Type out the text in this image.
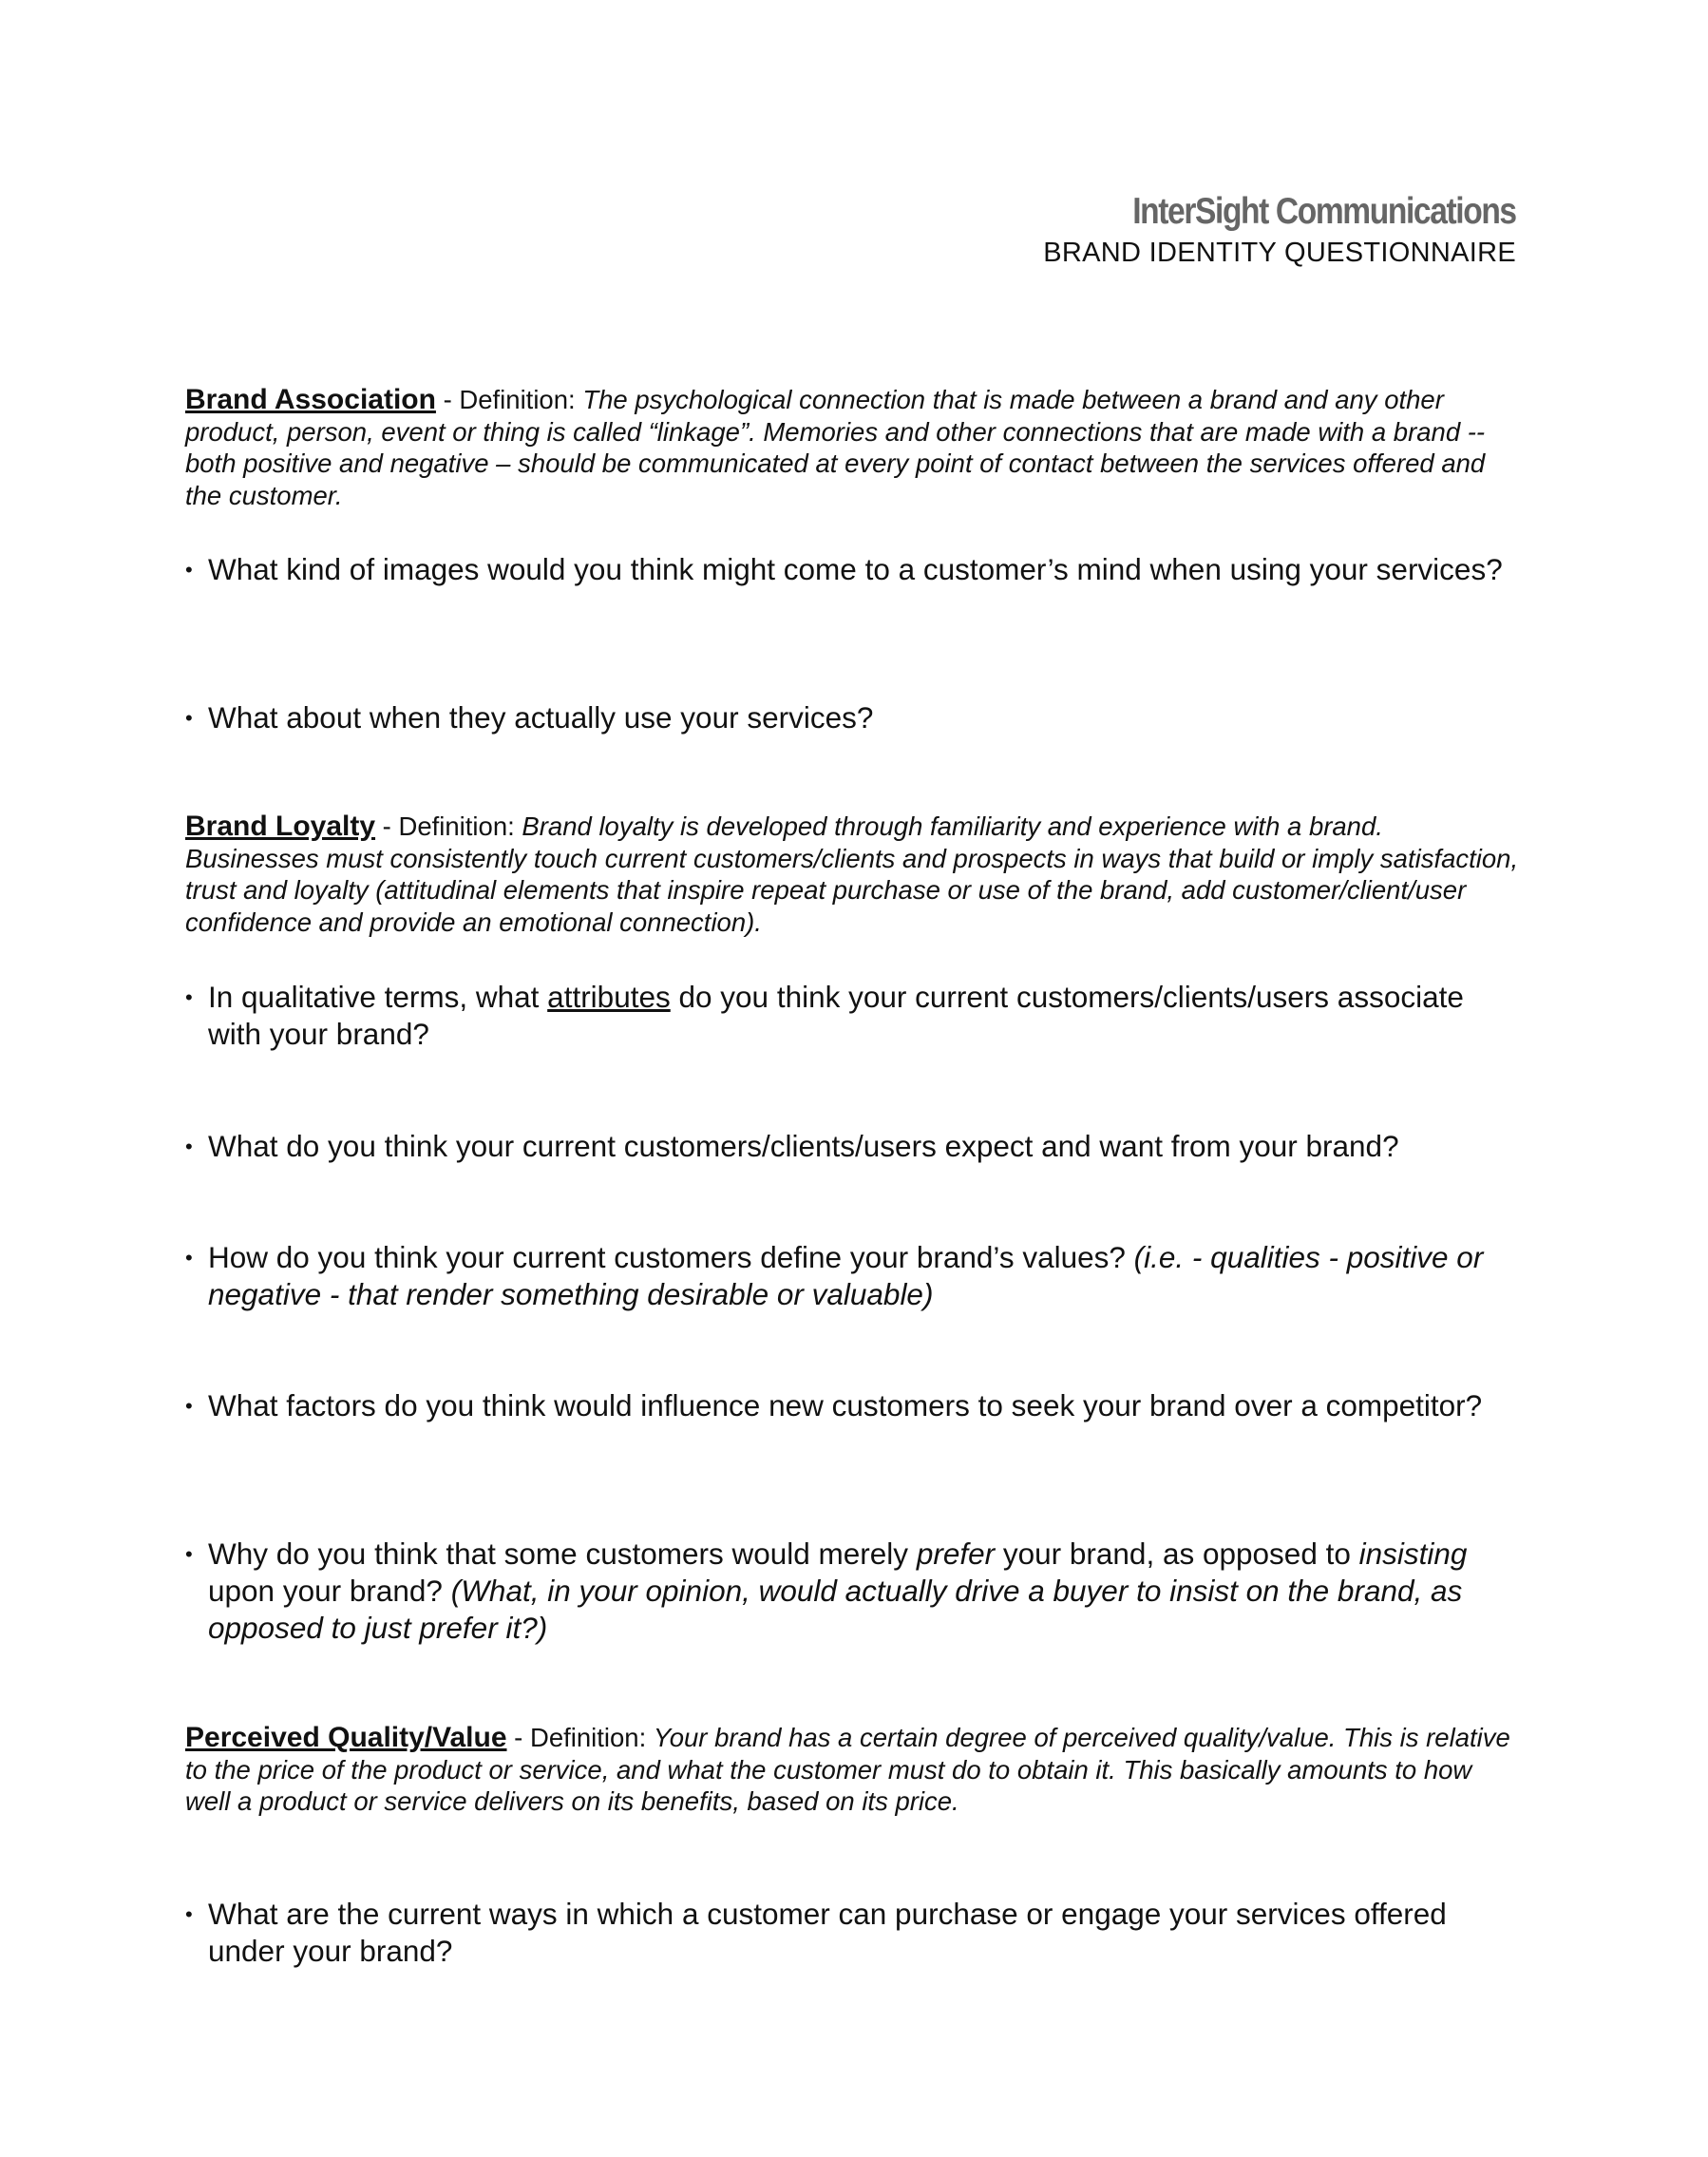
InterSight Communications
BRAND IDENTITY QUESTIONNAIRE

Brand Association - Definition: The psychological connection that is made between a brand and any other product, person, event or thing is called “linkage”. Memories and other connections that are made with a brand -- both positive and negative – should be communicated at every point of contact between the services offered and the customer.

• What kind of images would you think might come to a customer’s mind when using your services?
• What about when they actually use your services?

Brand Loyalty - Definition: Brand loyalty is developed through familiarity and experience with a brand. Businesses must consistently touch current customers/clients and prospects in ways that build or imply satisfaction, trust and loyalty (attitudinal elements that inspire repeat purchase or use of the brand, add customer/client/user confidence and provide an emotional connection).

• In qualitative terms, what attributes do you think your current customers/clients/users associate with your brand?
• What do you think your current customers/clients/users expect and want from your brand?
• How do you think your current customers define your brand’s values? (i.e. - qualities - positive or negative - that render something desirable or valuable)
• What factors do you think would influence new customers to seek your brand over a competitor?
• Why do you think that some customers would merely prefer your brand, as opposed to insisting upon your brand? (What, in your opinion, would actually drive a buyer to insist on the brand, as opposed to just prefer it?)

Perceived Quality/Value - Definition: Your brand has a certain degree of perceived quality/value. This is relative to the price of the product or service, and what the customer must do to obtain it. This basically amounts to how well a product or service delivers on its benefits, based on its price.

• What are the current ways in which a customer can purchase or engage your services offered under your brand?
